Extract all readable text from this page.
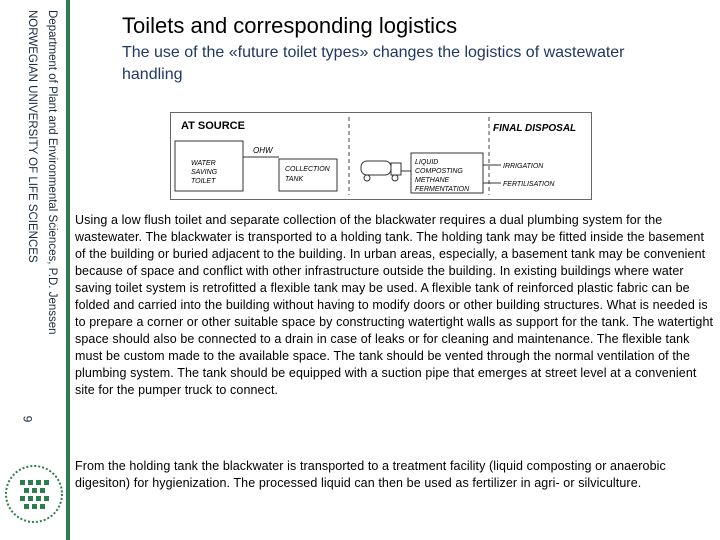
Department of Plant and Environmental Sciences, P.D. Jenssen
NORWEGIAN UNIVERSITY OF LIFE SCIENCES
9
Toilets and corresponding logistics

The use of the «future toilet types» changes the logistics of wastewater handling

AT SOURCE	FINAL DISPOSAL
OHW
WATER
SAVING
TOILET
COLLECTION
TANK
LIQUID
COMPOSTING
METHANE
FERMENTATION
IRRIGATION
FERTILISATION

Using a low flush toilet and separate collection of the blackwater requires a dual plumbing system for the wastewater. The blackwater is transported to a holding tank. The holding tank may be fitted inside the basement of the building or buried adjacent to the building. In urban areas, especially, a basement tank may be convenient because of space and conflict with other infrastructure outside the building. In existing buildings where water saving toilet system is retrofitted a flexible tank may be used. A flexible tank of reinforced plastic fabric can be folded and carried into the building without having to modify doors or other building structures. What is needed is to prepare a corner or other suitable space by constructing watertight walls as support for the tank. The watertight space should also be connected to a drain in case of leaks or for cleaning and maintenance. The flexible tank must be custom made to the available space. The tank should be vented through the normal ventilation of the plumbing system. The tank should be equipped with a suction pipe that emerges at street level at a convenient site for the pumper truck to connect.

From the holding tank the blackwater is transported to a treatment facility (liquid composting or anaerobic digesiton) for hygienization. The processed liquid can then be used as fertilizer in agri- or silviculture.
